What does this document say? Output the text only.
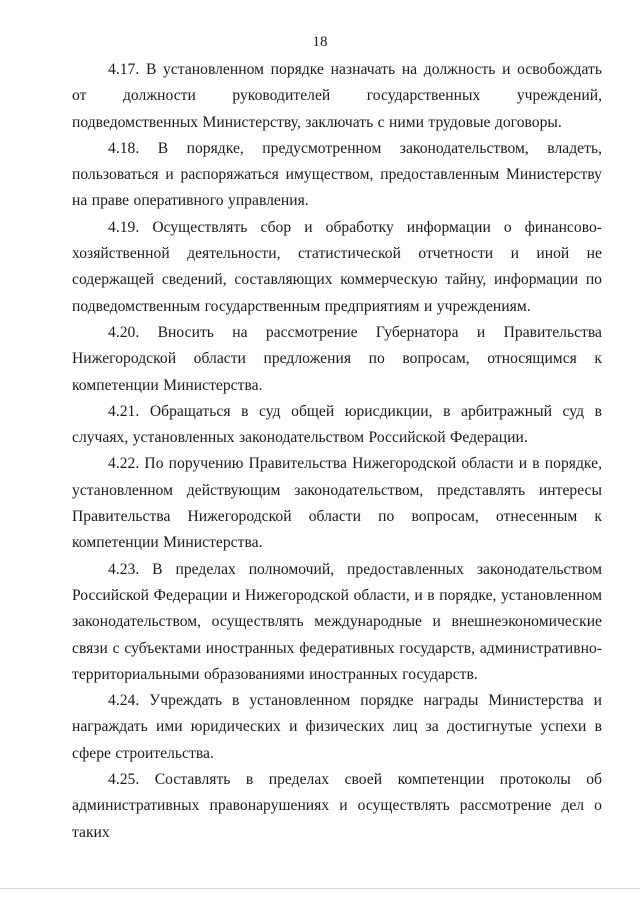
18

4.17. В установленном порядке назначать на должность и освобождать от должности руководителей государственных учреждений, подведомственных Министерству, заключать с ними трудовые договоры.

4.18. В порядке, предусмотренном законодательством, владеть, пользоваться и распоряжаться имуществом, предоставленным Министерству на праве оперативного управления.

4.19. Осуществлять сбор и обработку информации о финансово-хозяйственной деятельности, статистической отчетности и иной не содержащей сведений, составляющих коммерческую тайну, информации по подведомственным государственным предприятиям и учреждениям.

4.20. Вносить на рассмотрение Губернатора и Правительства Нижегородской области предложения по вопросам, относящимся к компетенции Министерства.

4.21. Обращаться в суд общей юрисдикции, в арбитражный суд в случаях, установленных законодательством Российской Федерации.

4.22. По поручению Правительства Нижегородской области и в порядке, установленном действующим законодательством, представлять интересы Правительства Нижегородской области по вопросам, отнесенным к компетенции Министерства.

4.23. В пределах полномочий, предоставленных законодательством Российской Федерации и Нижегородской области, и в порядке, установленном законодательством, осуществлять международные и внешнеэкономические связи с субъектами иностранных федеративных государств, административно-территориальными образованиями иностранных государств.

4.24. Учреждать в установленном порядке награды Министерства и награждать ими юридических и физических лиц за достигнутые успехи в сфере строительства.

4.25. Составлять в пределах своей компетенции протоколы об административных правонарушениях и осуществлять рассмотрение дел о таких
